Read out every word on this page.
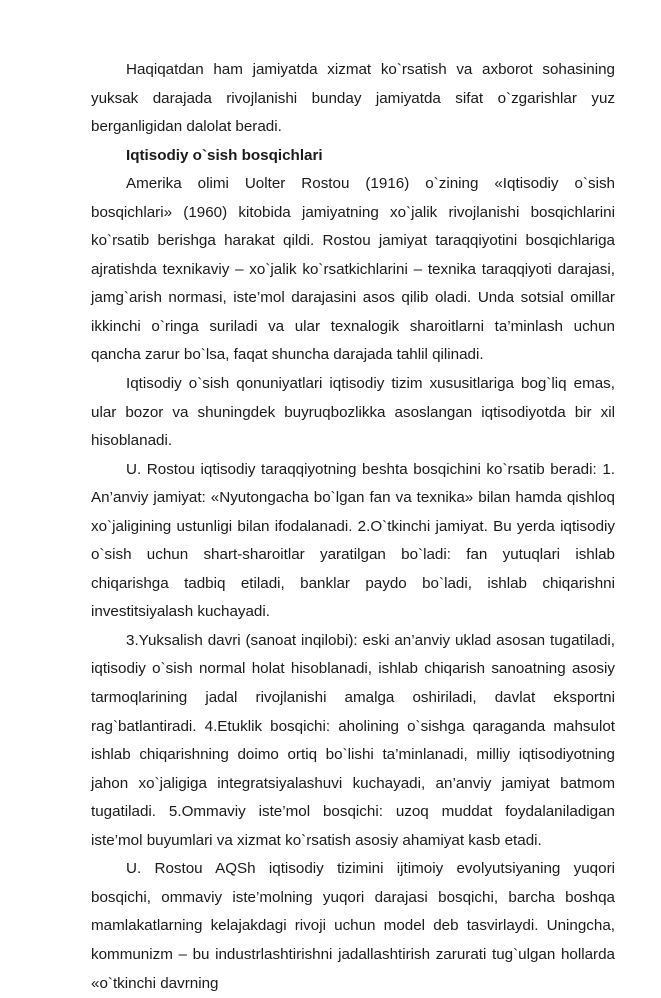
Haqiqatdan ham jamiyatda xizmat ko`rsatish va axborot sohasining yuksak darajada rivojlanishi bunday jamiyatda sifat o`zgarishlar yuz berganligidan dalolat beradi.

Iqtisodiy o`sish bosqichlari

Amerika olimi Uolter Rostou (1916) o`zining «Iqtisodiy o`sish bosqichlari» (1960) kitobida jamiyatning xo`jalik rivojlanishi bosqichlarini ko`rsatib berishga harakat qildi. Rostou jamiyat taraqqiyotini bosqichlariga ajratishda texnikaviy – xo`jalik ko`rsatkichlarini – texnika taraqqiyoti darajasi, jamg`arish normasi, iste’mol darajasini asos qilib oladi. Unda sotsial omillar ikkinchi o`ringa suriladi va ular texnalogik sharoitlarni ta’minlash uchun qancha zarur bo`lsa, faqat shuncha darajada tahlil qilinadi.

Iqtisodiy o`sish qonuniyatlari iqtisodiy tizim xususitlariga bog`liq emas, ular bozor va shuningdek buyruqbozlikka asoslangan iqtisodiyotda bir xil hisoblanadi.

U. Rostou iqtisodiy taraqqiyotning beshta bosqichini ko`rsatib beradi: 1. An’anviy jamiyat: «Nyutongacha bo`lgan fan va texnika» bilan hamda qishloq xo`jaligining ustunligi bilan ifodalanadi. 2.O`tkinchi jamiyat. Bu yerda iqtisodiy o`sish uchun shart-sharoitlar yaratilgan bo`ladi: fan yutuqlari ishlab chiqarishga tadbiq etiladi, banklar paydo bo`ladi, ishlab chiqarishni investitsiyalash kuchayadi.

3.Yuksalish davri (sanoat inqilobi): eski an’anviy uklad asosan tugatiladi, iqtisodiy o`sish normal holat hisoblanadi, ishlab chiqarish sanoatning asosiy tarmoqlarining jadal rivojlanishi amalga oshiriladi, davlat eksportni rag`batlantiradi. 4.Etuklik bosqichi: aholining o`sishga qaraganda mahsulot ishlab chiqarishning doimo ortiq bo`lishi ta’minlanadi, milliy iqtisodiyotning jahon xo`jaligiga integratsiyalashuvi kuchayadi, an’anviy jamiyat batmom tugatiladi. 5.Ommaviy iste’mol bosqichi: uzoq muddat foydalaniladigan iste’mol buyumlari va xizmat ko`rsatish asosiy ahamiyat kasb etadi.

U. Rostou AQSh iqtisodiy tizimini ijtimoiy evolyutsiyaning yuqori bosqichi, ommaviy iste’molning yuqori darajasi bosqichi, barcha boshqa mamlakatlarning kelajakdagi rivoji uchun model deb tasvirlaydi. Uningcha, kommunizm – bu industrlashtirishni jadallashtirish zarurati tug`ulgan hollarda «o`tkinchi davrning
